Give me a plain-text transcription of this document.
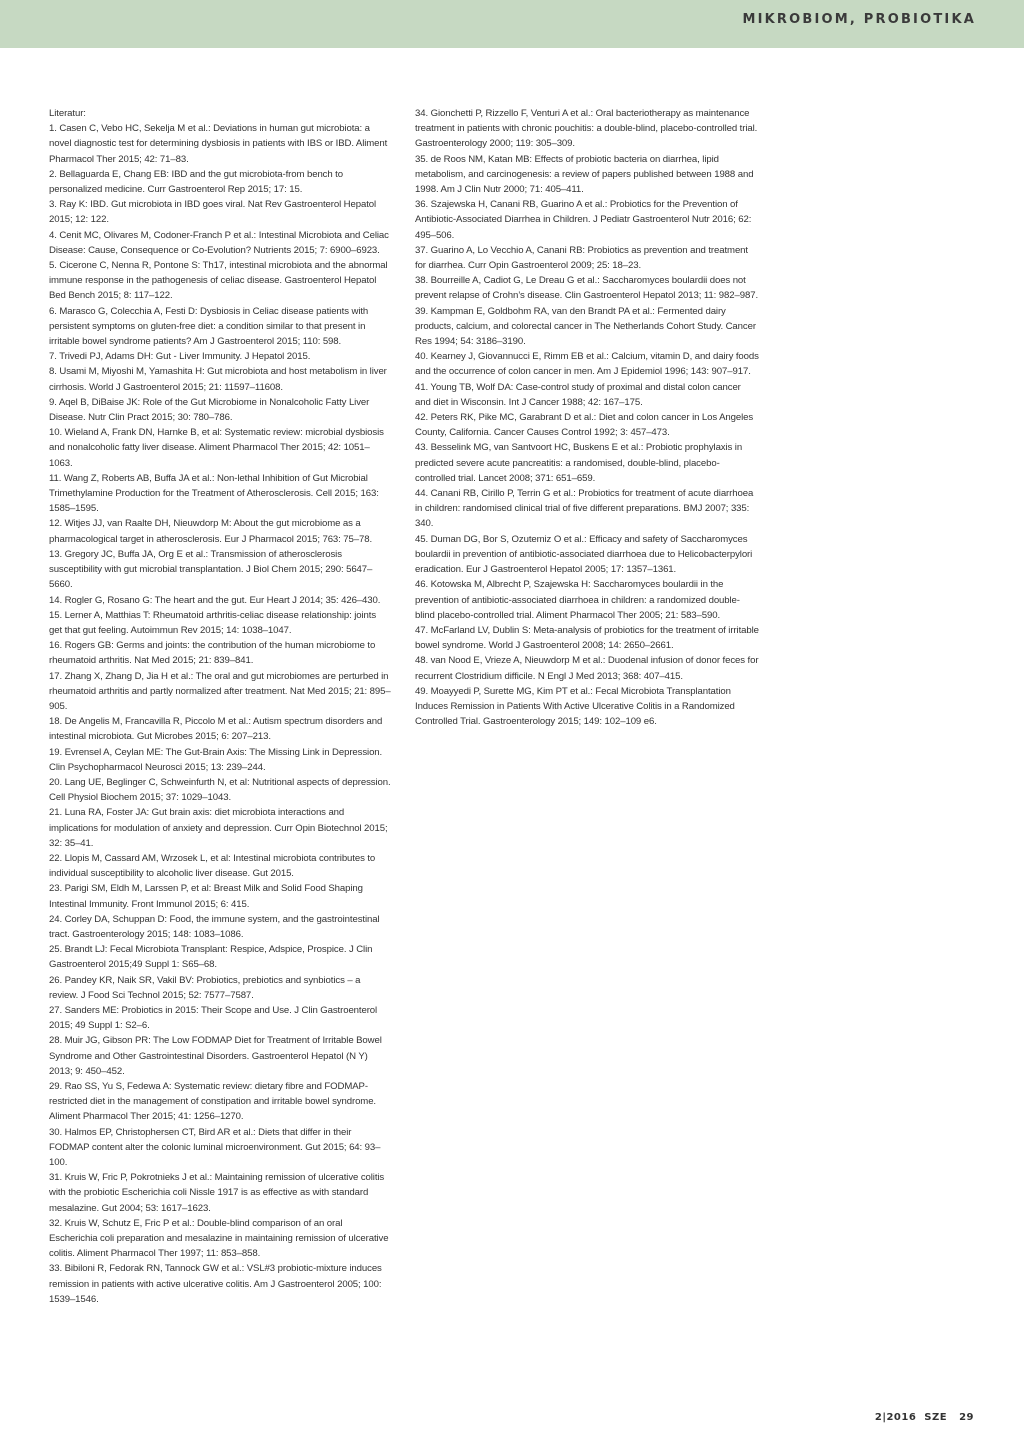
MIKROBIOM, PROBIOTIKA

Literatur:

1. Casen C, Vebo HC, Sekelja M et al.: Deviations in human gut microbiota: a novel diagnostic test for determining dysbiosis in patients with IBS or IBD. Aliment Pharmacol Ther 2015; 42: 71–83.

2. Bellaguarda E, Chang EB: IBD and the gut microbiota-from bench to personalized medicine. Curr Gastroenterol Rep 2015; 17: 15.

3. Ray K: IBD. Gut microbiota in IBD goes viral. Nat Rev Gastroenterol Hepatol 2015; 12: 122.

4. Cenit MC, Olivares M, Codoner-Franch P et al.: Intestinal Microbiota and Celiac Disease: Cause, Consequence or Co-Evolution? Nutrients 2015; 7: 6900–6923.

5. Cicerone C, Nenna R, Pontone S: Th17, intestinal microbiota and the abnormal immune response in the pathogenesis of celiac disease. Gastroenterol Hepatol Bed Bench 2015; 8: 117–122.

6. Marasco G, Colecchia A, Festi D: Dysbiosis in Celiac disease patients with persistent symptoms on gluten-free diet: a condition similar to that present in irritable bowel syndrome patients? Am J Gastroenterol 2015; 110: 598.

7. Trivedi PJ, Adams DH: Gut - Liver Immunity. J Hepatol 2015.

8. Usami M, Miyoshi M, Yamashita H: Gut microbiota and host metabolism in liver cirrhosis. World J Gastroenterol 2015; 21: 11597–11608.

9. Aqel B, DiBaise JK: Role of the Gut Microbiome in Nonalcoholic Fatty Liver Disease. Nutr Clin Pract 2015; 30: 780–786.

10. Wieland A, Frank DN, Harnke B, et al: Systematic review: microbial dysbiosis and nonalcoholic fatty liver disease. Aliment Pharmacol Ther 2015; 42: 1051–1063.

11. Wang Z, Roberts AB, Buffa JA et al.: Non-lethal Inhibition of Gut Microbial Trimethylamine Production for the Treatment of Atherosclerosis. Cell 2015; 163: 1585–1595.

12. Witjes JJ, van Raalte DH, Nieuwdorp M: About the gut microbiome as a pharmacological target in atherosclerosis. Eur J Pharmacol 2015; 763: 75–78.

13. Gregory JC, Buffa JA, Org E et al.: Transmission of atherosclerosis susceptibility with gut microbial transplantation. J Biol Chem 2015; 290: 5647–5660.

14. Rogler G, Rosano G: The heart and the gut. Eur Heart J 2014; 35: 426–430.

15. Lerner A, Matthias T: Rheumatoid arthritis-celiac disease relationship: joints get that gut feeling. Autoimmun Rev 2015; 14: 1038–1047.

16. Rogers GB: Germs and joints: the contribution of the human microbiome to rheumatoid arthritis. Nat Med 2015; 21: 839–841.

17. Zhang X, Zhang D, Jia H et al.: The oral and gut microbiomes are perturbed in rheumatoid arthritis and partly normalized after treatment. Nat Med 2015; 21: 895–905.

18. De Angelis M, Francavilla R, Piccolo M et al.: Autism spectrum disorders and intestinal microbiota. Gut Microbes 2015; 6: 207–213.

19. Evrensel A, Ceylan ME: The Gut-Brain Axis: The Missing Link in Depression. Clin Psychopharmacol Neurosci 2015; 13: 239–244.

20. Lang UE, Beglinger C, Schweinfurth N, et al: Nutritional aspects of depression. Cell Physiol Biochem 2015; 37: 1029–1043.

21. Luna RA, Foster JA: Gut brain axis: diet microbiota interactions and implications for modulation of anxiety and depression. Curr Opin Biotechnol 2015; 32: 35–41.

22. Llopis M, Cassard AM, Wrzosek L, et al: Intestinal microbiota contributes to individual susceptibility to alcoholic liver disease. Gut 2015.

23. Parigi SM, Eldh M, Larssen P, et al: Breast Milk and Solid Food Shaping Intestinal Immunity. Front Immunol 2015; 6: 415.

24. Corley DA, Schuppan D: Food, the immune system, and the gastrointestinal tract. Gastroenterology 2015; 148: 1083–1086.

25. Brandt LJ: Fecal Microbiota Transplant: Respice, Adspice, Prospice. J Clin Gastroenterol 2015;49 Suppl 1: S65–68.

26. Pandey KR, Naik SR, Vakil BV: Probiotics, prebiotics and synbiotics – a review. J Food Sci Technol 2015; 52: 7577–7587.

27. Sanders ME: Probiotics in 2015: Their Scope and Use. J Clin Gastroenterol 2015; 49 Suppl 1: S2–6.

28. Muir JG, Gibson PR: The Low FODMAP Diet for Treatment of Irritable Bowel Syndrome and Other Gastrointestinal Disorders. Gastroenterol Hepatol (N Y) 2013; 9: 450–452.

29. Rao SS, Yu S, Fedewa A: Systematic review: dietary fibre and FODMAP-restricted diet in the management of constipation and irritable bowel syndrome. Aliment Pharmacol Ther 2015; 41: 1256–1270.

30. Halmos EP, Christophersen CT, Bird AR et al.: Diets that differ in their FODMAP content alter the colonic luminal microenvironment. Gut 2015; 64: 93–100.

31. Kruis W, Fric P, Pokrotnieks J et al.: Maintaining remission of ulcerative colitis with the probiotic Escherichia coli Nissle 1917 is as effective as with standard mesalazine. Gut 2004; 53: 1617–1623.

32. Kruis W, Schutz E, Fric P et al.: Double-blind comparison of an oral Escherichia coli preparation and mesalazine in maintaining remission of ulcerative colitis. Aliment Pharmacol Ther 1997; 11: 853–858.

33. Bibiloni R, Fedorak RN, Tannock GW et al.: VSL#3 probiotic-mixture induces remission in patients with active ulcerative colitis. Am J Gastroenterol 2005; 100: 1539–1546.

34. Gionchetti P, Rizzello F, Venturi A et al.: Oral bacteriotherapy as maintenance treatment in patients with chronic pouchitis: a double-blind, placebo-controlled trial. Gastroenterology 2000; 119: 305–309.

35. de Roos NM, Katan MB: Effects of probiotic bacteria on diarrhea, lipid metabolism, and carcinogenesis: a review of papers published between 1988 and 1998. Am J Clin Nutr 2000; 71: 405–411.

36. Szajewska H, Canani RB, Guarino A et al.: Probiotics for the Prevention of Antibiotic-Associated Diarrhea in Children. J Pediatr Gastroenterol Nutr 2016; 62: 495–506.

37. Guarino A, Lo Vecchio A, Canani RB: Probiotics as prevention and treatment for diarrhea. Curr Opin Gastroenterol 2009; 25: 18–23.

38. Bourreille A, Cadiot G, Le Dreau G et al.: Saccharomyces boulardii does not prevent relapse of Crohn’s disease. Clin Gastroenterol Hepatol 2013; 11: 982–987.

39. Kampman E, Goldbohm RA, van den Brandt PA et al.: Fermented dairy products, calcium, and colorectal cancer in The Netherlands Cohort Study. Cancer Res 1994; 54: 3186–3190.

40. Kearney J, Giovannucci E, Rimm EB et al.: Calcium, vitamin D, and dairy foods and the occurrence of colon cancer in men. Am J Epidemiol 1996; 143: 907–917.

41. Young TB, Wolf DA: Case-control study of proximal and distal colon cancer and diet in Wisconsin. Int J Cancer 1988; 42: 167–175.

42. Peters RK, Pike MC, Garabrant D et al.: Diet and colon cancer in Los Angeles County, California. Cancer Causes Control 1992; 3: 457–473.

43. Besselink MG, van Santvoort HC, Buskens E et al.: Probiotic prophylaxis in predicted severe acute pancreatitis: a randomised, double-blind, placebo-controlled trial. Lancet 2008; 371: 651–659.

44. Canani RB, Cirillo P, Terrin G et al.: Probiotics for treatment of acute diarrhoea in children: randomised clinical trial of five different preparations. BMJ 2007; 335: 340.

45. Duman DG, Bor S, Ozutemiz O et al.: Efficacy and safety of Saccharomyces boulardii in prevention of antibiotic-associated diarrhoea due to Helicobacterpylori eradication. Eur J Gastroenterol Hepatol 2005; 17: 1357–1361.

46. Kotowska M, Albrecht P, Szajewska H: Saccharomyces boulardii in the prevention of antibiotic-associated diarrhoea in children: a randomized double-blind placebo-controlled trial. Aliment Pharmacol Ther 2005; 21: 583–590.

47. McFarland LV, Dublin S: Meta-analysis of probiotics for the treatment of irritable bowel syndrome. World J Gastroenterol 2008; 14: 2650–2661.

48. van Nood E, Vrieze A, Nieuwdorp M et al.: Duodenal infusion of donor feces for recurrent Clostridium difficile. N Engl J Med 2013; 368: 407–415.

49. Moayyedi P, Surette MG, Kim PT et al.: Fecal Microbiota Transplantation Induces Remission in Patients With Active Ulcerative Colitis in a Randomized Controlled Trial. Gastroenterology 2015; 149: 102–109 e6.

2|2016 SZE 29
